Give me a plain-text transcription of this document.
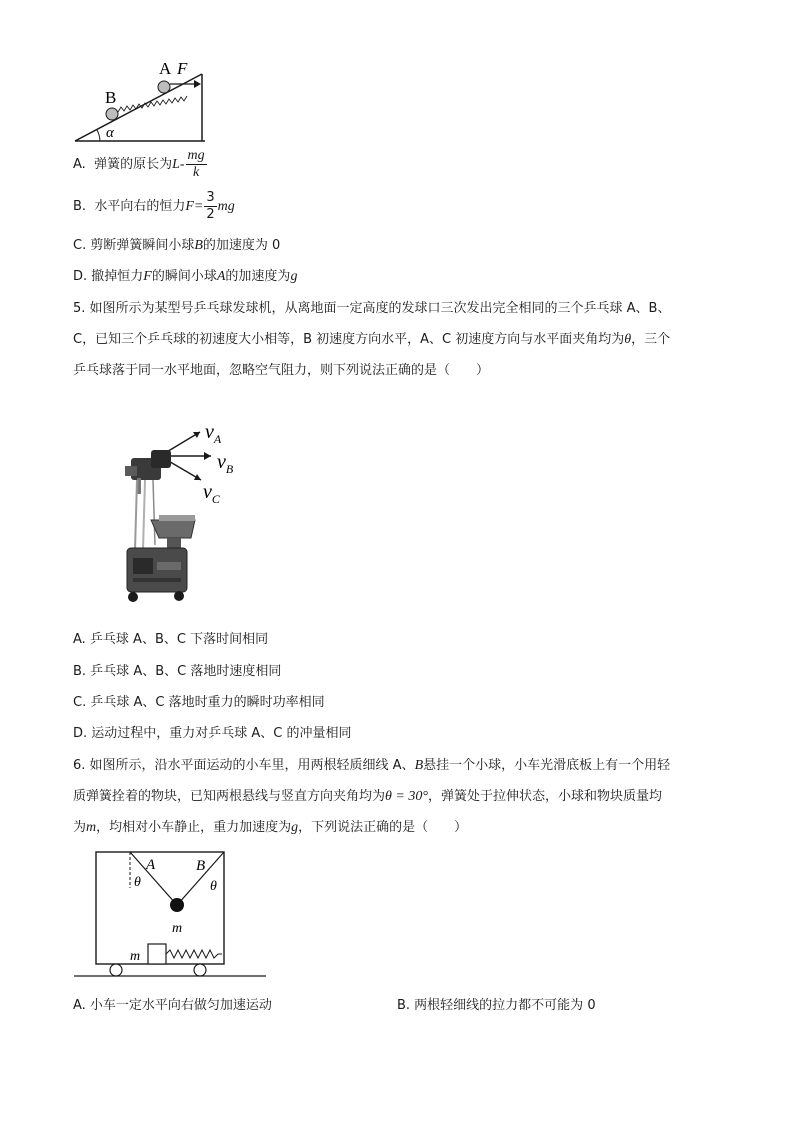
A F
B
α
A. 弹簧的原长为$L- \frac{mg}{k}$
B. 水平向右的恒力$F= \frac{3}{2}$ mg
C. 剪断弹簧瞬间小球B的加速度为 0
D. 撤掉恒力F的瞬间小球A的加速度为g
5. 如图所示为某型号乒乓球发球机，从离地面一定高度的发球口三次发出完全相同的三个乒乓球 A、B、
C，已知三个乒乓球的初速度大小相等，B 初速度方向水平，A、C 初速度方向与水平面夹角均为θ，三个
乒乓球落于同一水平地面，忽略空气阻力，则下列说法正确的是（　　）
$v_A$
$v_B$
$v_C$
A. 乒乓球 A、B、C 下落时间相同
B. 乒乓球 A、B、C 落地时速度相同
C. 乒乓球 A、C 落地时重力的瞬时功率相同
D. 运动过程中，重力对乒乓球 A、C 的冲量相同
6. 如图所示，沿水平面运动的小车里，用两根轻质细线 A、B悬挂一个小球，小车光滑底板上有一个用轻
质弹簧拴着的物块，已知两根悬线与竖直方向夹角均为θ = 30°，弹簧处于拉伸状态，小球和物块质量均
为m，均相对小车静止，重力加速度为g，下列说法正确的是（　　）
A	B
θ	θ
m
m
A. 小车一定水平向右做匀加速运动	B. 两根轻细线的拉力都不可能为 0
